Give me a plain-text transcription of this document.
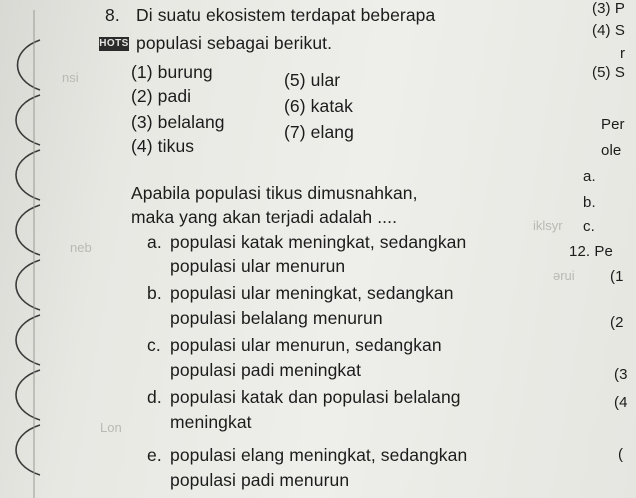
nsi
neb
Lon
8. Di suatu ekosistem terdapat beberapa
HOTS populasi sebagai berikut.
(1) burung
(2) padi
(3) belalang
(4) tikus
(5) ular
(6) katak
(7) elang
Apabila populasi tikus dimusnahkan,
maka yang akan terjadi adalah ....
a. populasi katak meningkat, sedangkan
populasi ular menurun
b. populasi ular meningkat, sedangkan
populasi belalang menurun
c. populasi ular menurun, sedangkan
populasi padi meningkat
d. populasi katak dan populasi belalang
meningkat
e. populasi elang meningkat, sedangkan
populasi padi menurun
(3) P
(4) S
r
(5) S
Per
ole
a.
b.
c.
12. Pe
(1
(2
(3
(4
(
iklsyr
ərui
